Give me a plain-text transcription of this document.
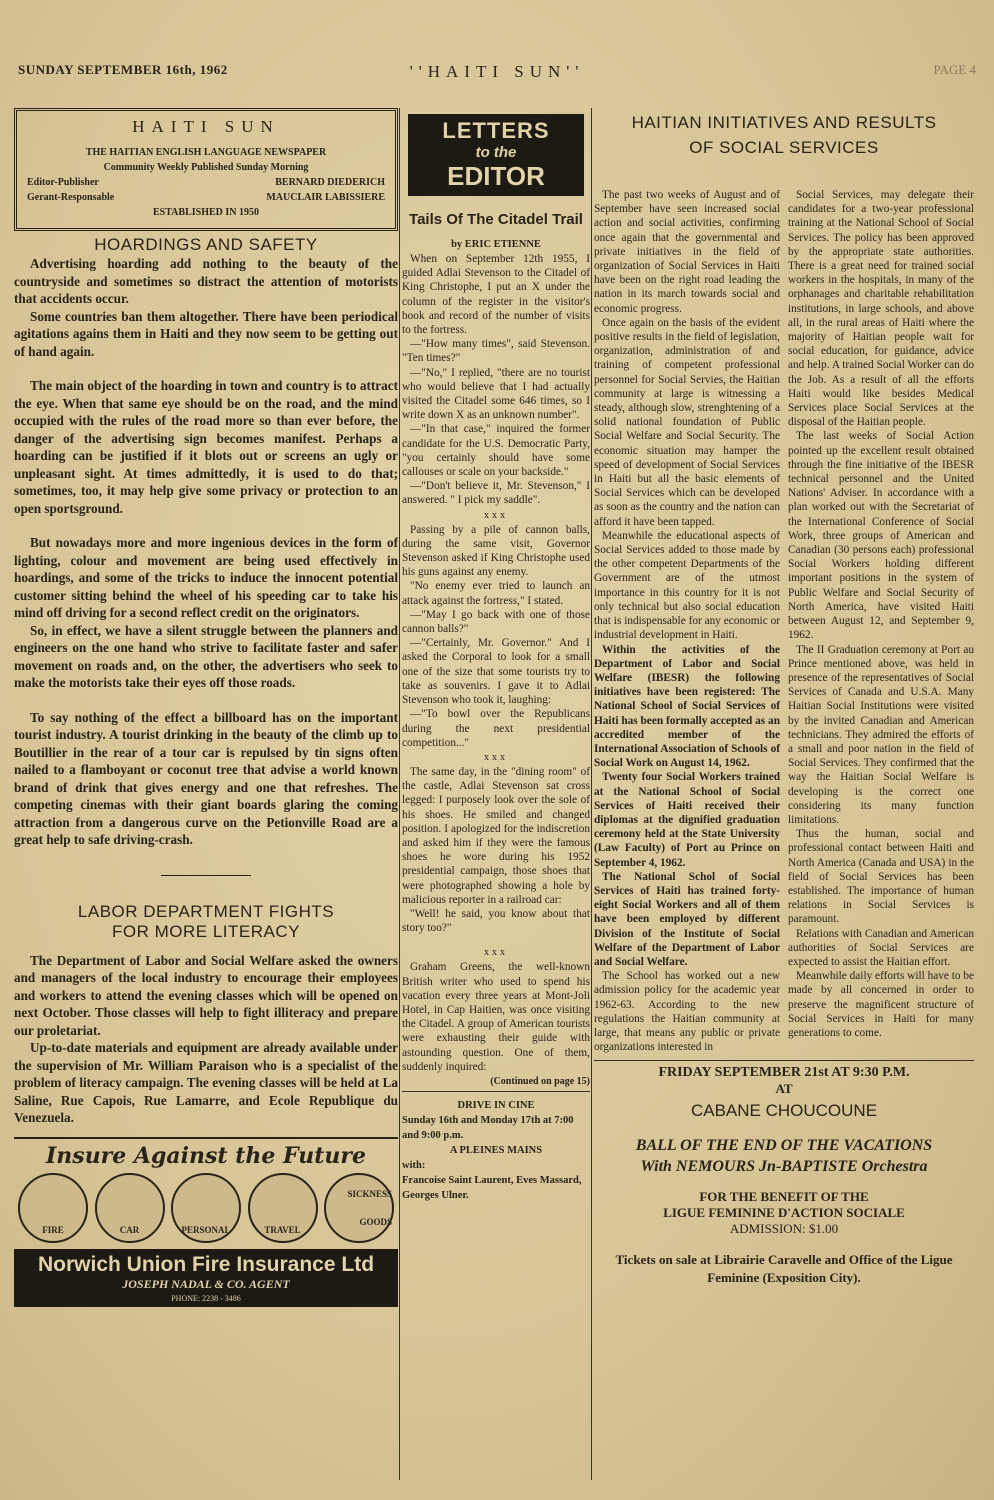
SUNDAY SEPTEMBER 16th, 1962	''HAITI SUN''	PAGE 4
HAITI SUN
THE HAITIAN ENGLISH LANGUAGE NEWSPAPER
Community Weekly Published Sunday Morning
Editor-Publisher	BERNARD DIEDERICH
Gerant-Responsable	MAUCLAIR LABISSIERE
ESTABLISHED IN 1950
HOARDINGS AND SAFETY

Advertising hoarding add nothing to the beauty of the countryside and sometimes so distract the attention of motorists that accidents occur.

Some countries ban them altogether. There have been periodical agitations agains them in Haiti and they now seem to be getting out of hand again.

The main object of the hoarding in town and country is to attract the eye. When that same eye should be on the road, and the mind occupied with the rules of the road more so than ever before, the danger of the advertising sign becomes manifest. Perhaps a hoarding can be justified if it blots out or screens an ugly or unpleasant sight. At times admittedly, it is used to do that; sometimes, too, it may help give some privacy or protection to an open sportsground.

But nowadays more and more ingenious devices in the form of lighting, colour and movement are being used effectively in hoardings, and some of the tricks to induce the innocent potential customer sitting behind the wheel of his speeding car to take his mind off driving for a second reflect credit on the originators.

So, in effect, we have a silent struggle between the planners and engineers on the one hand who strive to facilitate faster and safer movement on roads and, on the other, the advertisers who seek to make the motorists take their eyes off those roads.

To say nothing of the effect a billboard has on the important tourist industry. A tourist drinking in the beauty of the climb up to Boutillier in the rear of a tour car is repulsed by tin signs often nailed to a flamboyant or coconut tree that advise a world known brand of drink that gives energy and one that refreshes. The competing cinemas with their giant boards glaring the coming attraction from a dangerous curve on the Petionville Road are a great help to safe driving-crash.

LABOR DEPARTMENT FIGHTS
FOR MORE LITERACY

The Department of Labor and Social Welfare asked the owners and managers of the local industry to encourage their employees and workers to attend the evening classes which will be opened on next October. Those classes will help to fight illiteracy and prepare our proletariat.

Up-to-date materials and equipment are already available under the supervision of Mr. William Paraison who is a specialist of the problem of literacy campaign. The evening classes will be held at La Saline, Rue Capois, Rue Lamarre, and Ecole Republique du Venezuela.

Insure Against the Future
FIRE	CAR	PERSONAL	TRAVEL
SICKNESS
GOODS
Norwich Union Fire Insurance Ltd
JOSEPH NADAL & CO. AGENT
PHONE: 2238 - 3486
LETTERS
to the
EDITOR
Tails Of The Citadel Trail
by ERIC ETIENNE

When on September 12th 1955, I guided Adlai Stevenson to the Citadel of King Christophe, I put an X under the column of the register in the visitor's book and record of the number of visits to the fortress.

—"How many times", said Stevenson. "Ten times?"

—"No," I replied, "there are no tourist who would believe that I had actually visited the Citadel some 646 times, so I write down X as an unknown number".

—"In that case," inquired the former candidate for the U.S. Democratic Party, "you certainly should have some callouses or scale on your backside."

—"Don't believe it, Mr. Stevenson," I answered. " I pick my saddle".

xxx

Passing by a pile of cannon balls, during the same visit, Governor Stevenson asked if King Christophe used his guns against any enemy.

"No enemy ever tried to launch an attack against the fortress," I stated.

—"May I go back with one of those cannon balls?"

—"Certainly, Mr. Governor." And I asked the Corporal to look for a small one of the size that some tourists try to take as souvenirs. I gave it to Adlai Stevenson who took it, laughing:

—"To bowl over the Republicans during the next presidential competition..."

xxx

The same day, in the "dining room" of the castle, Adlai Stevenson sat cross legged: I purposely look over the sole of his shoes. He smiled and changed position. I apologized for the indiscretion and asked him if they were the famous shoes he wore during his 1952 presidential campaign, those shoes that were photographed showing a hole by malicious reporter in a railroad car:

"Well! he said, you know about that story too?"

xxx

Graham Greens, the well-known British writer who used to spend his vacation every three years at Mont-Joli Hotel, in Cap Haitien, was once visiting the Citadel. A group of American tourists were exhausting their guide with astounding question. One of them, suddenly inquired:

(Continued on page 15)
DRIVE IN CINE
Sunday 16th and Monday 17th at 7:00 and 9:00 p.m.
A PLEINES MAINS
with:
Francoise Saint Laurent, Eves Massard, Georges Ulner.
HAITIAN INITIATIVES AND RESULTS
OF SOCIAL SERVICES

The past two weeks of August and of September have seen increased social action and social activities, confirming once again that the governmental and private initiatives in the field of organization of Social Services in Haiti have been on the right road leading the nation in its march towards social and economic progress.

Once again on the basis of the evident positive results in the field of legislation, organization, administration of and training of competent professional personnel for Social Servies, the Haitian community at large is witnessing a steady, although slow, strenghtening of a solid national foundation of Public Social Welfare and Social Security. The economic situation may hamper the speed of development of Social Services in Haiti but all the basic elements of Social Services which can be developed as soon as the country and the nation can afford it have been tapped.

Meanwhile the educational aspects of Social Services added to those made by the other competent Departments of the Government are of the utmost importance in this country for it is not only technical but also social education that is indispensable for any economic or industrial development in Haiti.

Within the activities of the Department of Labor and Social Welfare (IBESR) the following initiatives have been registered: The National School of Social Services of Haiti has been formally accepted as an accredited member of the International Association of Schools of Social Work on August 14, 1962.

Twenty four Social Workers trained at the National School of Social Services of Haiti received their diplomas at the dignified graduation ceremony held at the State University (Law Faculty) of Port au Prince on September 4, 1962.

The National Schol of Social Services of Haiti has trained forty-eight Social Workers and all of them have been employed by different Division of the Institute of Social Welfare of the Department of Labor and Social Welfare.

The School has worked out a new admission policy for the academic year 1962-63. According to the new regulations the Haitian community at large, that means any public or private organizations interested in

Social Services, may delegate their candidates for a two-year professional training at the National School of Social Services. The policy has been approved by the appropriate state authorities. There is a great need for trained social workers in the hospitals, in many of the orphanages and charitable rehabilitation institutions, in large schools, and above all, in the rural areas of Haiti where the majority of Haitian people wait for social education, for guidance, advice and help. A trained Social Worker can do the Job. As a result of all the efforts Haiti would like besides Medical Services place Social Services at the disposal of the Haitian people.

The last weeks of Social Action pointed up the excellent result obtained through the fine initiative of the IBESR technical personnel and the United Nations' Adviser. In accordance with a plan worked out with the Secretariat of the International Conference of Social Work, three groups of American and Canadian (30 persons each) professional Social Workers holding different important positions in the system of Public Welfare and Social Security of North America, have visited Haiti between August 12, and September 9, 1962.

The II Graduation ceremony at Port au Prince mentioned above, was held in presence of the representatives of Social Services of Canada and U.S.A. Many Haitian Social Institutions were visited by the invited Canadian and American technicians. They admired the efforts of a small and poor nation in the field of Social Services. They confirmed that the way the Haitian Social Welfare is developing is the correct one considering its many function limitations.

Thus the human, social and professional contact between Haiti and North America (Canada and USA) in the field of Social Services has been established. The importance of human relations in Social Services is paramount.

Relations with Canadian and American authorities of Social Services are expected to assist the Haitian effort.

Meanwhile daily efforts will have to be made by all concerned in order to preserve the magnificent structure of Social Services in Haiti for many generations to come.

FRIDAY SEPTEMBER 21st AT 9:30 P.M.
AT
CABANE CHOUCOUNE
BALL OF THE END OF THE VACATIONS
With NEMOURS Jn-BAPTISTE Orchestra
FOR THE BENEFIT OF THE
LIGUE FEMININE D'ACTION SOCIALE
ADMISSION: $1.00
Tickets on sale at Librairie Caravelle and Office of the Ligue Feminine (Exposition City).
